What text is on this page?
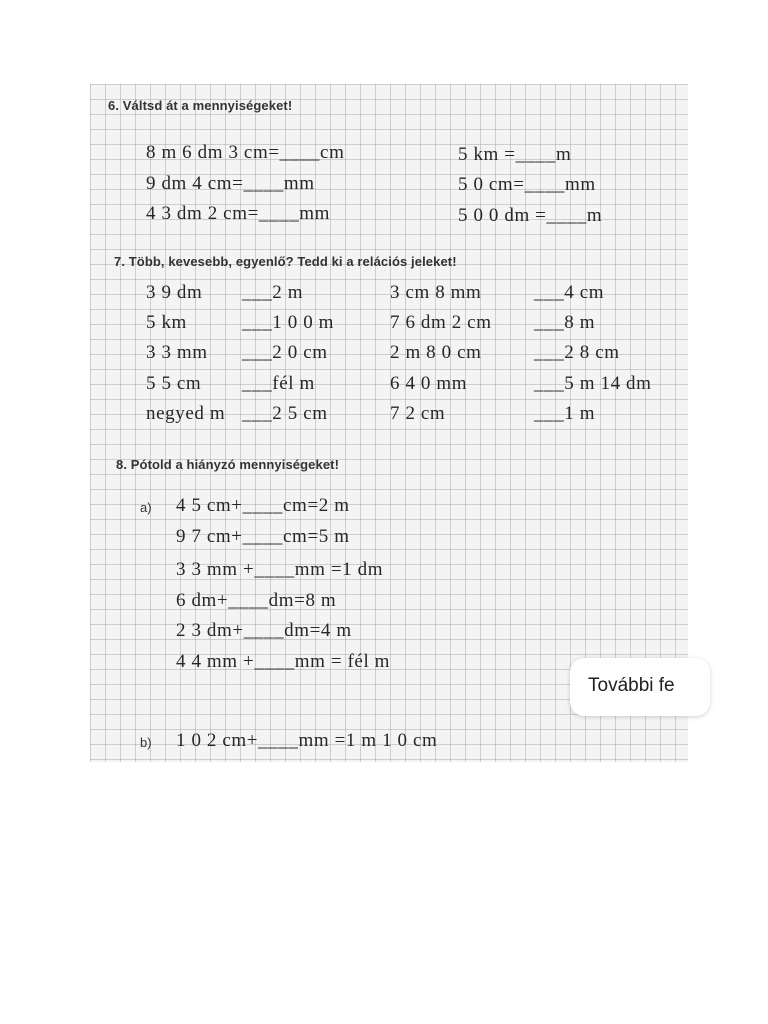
6. Váltsd át a mennyiségeket!
8 m 6 dm 3 cm=____cm
9 dm 4 cm=____mm
4 3 dm 2 cm=____mm
5 km =____m
5 0 cm=____mm
5 0 0 dm =____m
7. Több, kevesebb, egyenlő? Tedd ki a relációs jeleket!
3 9 dm
5 km
3 3 mm
5 5 cm
negyed m
___2 m
___1 0 0 m
___2 0 cm
___fél m
___2 5 cm
3 cm 8 mm
7 6 dm 2 cm
2 m 8 0 cm
6 4 0 mm
7 2 cm
___4 cm
___8 m
___2 8 cm
___5 m 14 dm
___1 m
8. Pótold a hiányzó mennyiségeket!
a) 4 5 cm+____cm=2 m
9 7 cm+____cm=5 m
3 3 mm +____mm =1 dm
6 dm+____dm=8 m
2 3 dm+____dm=4 m
4 4 mm +____mm = fél m
b) 1 0 2 cm+____mm =1 m 1 0 cm
További fe
